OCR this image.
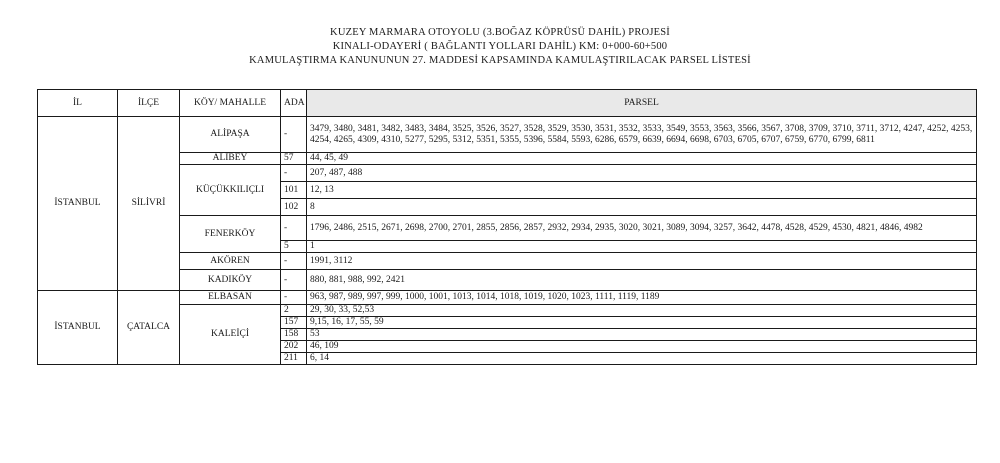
KUZEY MARMARA OTOYOLU (3.BOĞAZ KÖPRÜSÜ DAHİL) PROJESİ
KINALI-ODAYERİ ( BAĞLANTI YOLLARI DAHİL) KM: 0+000-60+500
KAMULAŞTIRMA KANUNUNUN 27. MADDESİ KAPSAMINDA KAMULAŞTIRILACAK PARSEL LİSTESİ
İL	İLÇE	KÖY/ MAHALLE	ADA	PARSEL
İSTANBUL	SİLİVRİ	ALİPAŞA	-	3479, 3480, 3481, 3482, 3483, 3484, 3525, 3526, 3527, 3528, 3529, 3530, 3531, 3532, 3533, 3549, 3553, 3563, 3566, 3567, 3708, 3709, 3710, 3711, 3712, 4247, 4252, 4253, 4254, 4265, 4309, 4310, 5277, 5295, 5312, 5351, 5355, 5396, 5584, 5593, 6286, 6579, 6639, 6694, 6698, 6703, 6705, 6707, 6759, 6770, 6799, 6811
		ALİBEY	57	44, 45, 49
		KÜÇÜKKILIÇLI	-	207, 487, 488
			101	12, 13
			102	8
		FENERKÖY	-	1796, 2486, 2515, 2671, 2698, 2700, 2701, 2855, 2856, 2857, 2932, 2934, 2935, 3020, 3021, 3089, 3094, 3257, 3642, 4478, 4528, 4529, 4530, 4821, 4846, 4982
			5	1
		AKÖREN	-	1991, 3112
		KADIKÖY	-	880, 881, 988, 992, 2421
İSTANBUL	ÇATALCA	ELBASAN	-	963, 987, 989, 997, 999, 1000, 1001, 1013, 1014, 1018, 1019, 1020, 1023, 1111, 1119, 1189
		KALEİÇİ	2	29, 30, 33, 52,53
			157	9,15, 16, 17, 55, 59
			158	53
			202	46, 109
			211	6, 14
